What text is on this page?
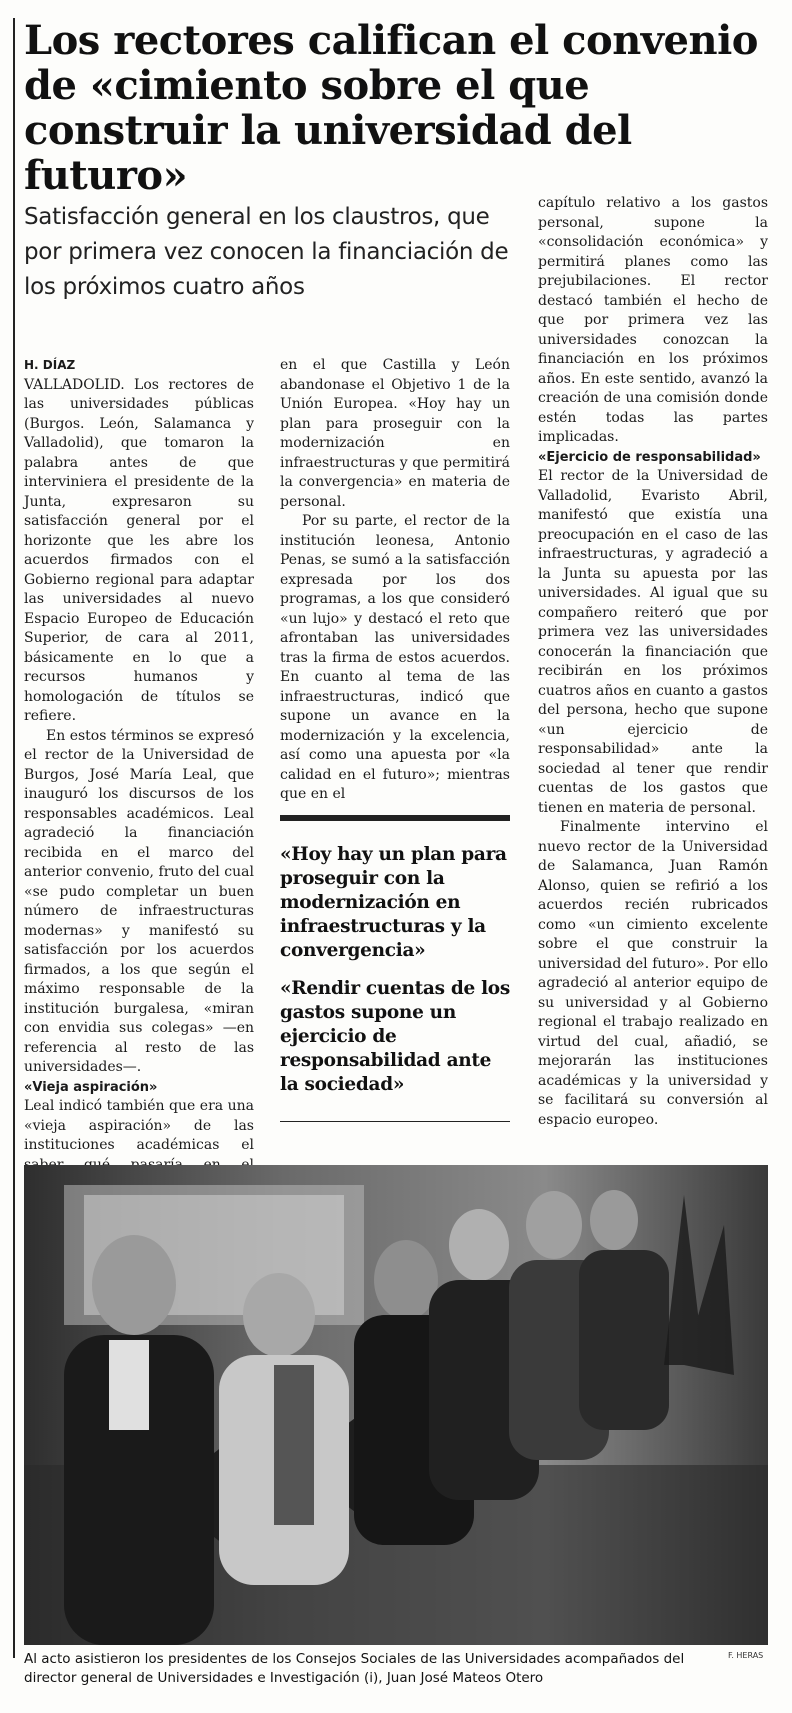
Los rectores califican el convenio de «cimiento sobre el que construir la universidad del futuro»

Satisfacción general en los claustros, que por primera vez conocen la financiación de los próximos cuatro años

H. DÍAZ

VALLADOLID. Los rectores de las universidades públicas (Burgos. León, Salamanca y Valladolid), que tomaron la palabra antes de que interviniera el presidente de la Junta, expresaron su satisfacción general por el horizonte que les abre los acuerdos firmados con el Gobierno regional para adaptar las universidades al nuevo Espacio Europeo de Educación Superior, de cara al 2011, básicamente en lo que a recursos humanos y homologación de títulos se refiere.

En estos términos se expresó el rector de la Universidad de Burgos, José María Leal, que inauguró los discursos de los responsables académicos. Leal agradeció la financiación recibida en el marco del anterior convenio, fruto del cual «se pudo completar un buen número de infraestructuras modernas» y manifestó su satisfacción por los acuerdos firmados, a los que según el máximo responsable de la institución burgalesa, «miran con envidia sus colegas» —en referencia al resto de las universidades—.

«Vieja aspiración»

Leal indicó también que era una «vieja aspiración» de las instituciones académicas el

en el que Castilla y León abandonase el Objetivo 1 de la Unión Europea. «Hoy hay un plan para proseguir con la modernización en infraestructuras y que permitirá la convergencia» en materia de personal.

Por su parte, el rector de la institución leonesa, Antonio Penas, se sumó a la satisfacción expresada por los dos programas, a los que consideró «un lujo» y destacó el reto que afrontaban las universidades tras la firma de estos acuerdos. En cuanto al tema de las infraestructuras, indicó que supone un avance en la modernización y la excelencia, así como una apuesta por «la calidad en el futuro»; mientras que en el

«Hoy hay un plan para proseguir con la modernización en infraestructuras y la convergencia»

«Rendir cuentas de los gastos supone un ejercicio de responsabilidad ante la sociedad»

capítulo relativo a los gastos personal, supone la «consolidación económica» y permitirá planes como las prejubilaciones. El rector destacó también el hecho de que por primera vez las universidades conozcan la financiación en los próximos años. En este sentido, avanzó la creación de una comisión donde estén todas las partes implicadas.

«Ejercicio de responsabilidad»

El rector de la Universidad de Valladolid, Evaristo Abril, manifestó que existía una preocupación en el caso de las infraestructuras, y agradeció a la Junta su apuesta por las universidades. Al igual que su compañero reiteró que por primera vez las universidades conocerán la financiación que recibirán en los próximos cuatros años en cuanto a gastos del persona, hecho que supone «un ejercicio de responsabilidad» ante la sociedad al tener que rendir cuentas de los gastos que tienen en materia de personal.

Finalmente intervino el nuevo rector de la Universidad de Salamanca, Juan Ramón Alonso, quien se refirió a los acuerdos recién rubricados como «un cimiento excelente sobre el que construir la universidad del futuro». Por ello agradeció al anterior equipo de su universidad y al Gobierno regional el trabajo realizado en virtud del cual, añadió, se mejorarán las instituciones académicas y la universidad y se facilitará su conversión al espacio europeo.

F. HERAS

Al acto asistieron los presidentes de los Consejos Sociales de las Universidades acompañados del director general de Universidades e Investigación (i), Juan José Mateos Otero
